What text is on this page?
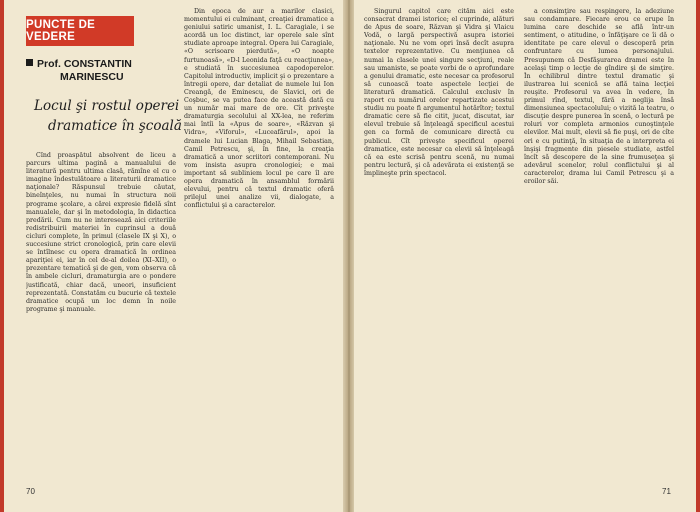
PUNCTE DE VEDERE
Prof. CONSTANTIN
MARINESCU
Locul şi rostul operei
dramatice în şcoală

Cînd proaspătul absolvent de liceu a parcurs ultima pagină a manualului de literatură pentru ultima clasă, rămîne el cu o imagine îndestulătoare a literaturii dramatice naţionale? Răspunsul trebuie căutat, bineînţeles, nu numai în structura noii programe şcolare, a cărei expresie fidelă sînt manualele, dar şi în metodologia, în didactica predării. Cum nu ne interesează aici criteriile redistribuirii materiei în cuprinsul a două cicluri complete, în primul (clasele IX şi X), o succesiune strict cronologică, prin care elevii se întîlnesc cu opera dramatică în ordinea apariţiei ei, iar în cel de-al doilea (XI–XII), o prezentare tematică şi de gen, vom observa că în ambele cicluri, dramaturgia are o pondere justificată, chiar dacă, uneori, insuficient reprezentată. Constatăm cu bucurie că textele dramatice ocupă un loc demn în noile programe şi manuale.

Din epoca de aur a marilor clasici, momentului ei culminant, creaţiei dramatice a geniului satiric umanist, I. L. Caragiale, i se acordă un loc distinct, iar operele sale sînt studiate aproape integral. Opera lui Caragiale, «O scrisoare pierdută», «O noapte furtunoasă», «D-l Leonida faţă cu reacţiunea», e studiată în succesiunea capodoperelor. Capitolul introductiv, implicit şi o prezentare a întregii opere, dar detaliat de numele lui Ion Creangă, de Eminescu, de Slavici, ori de Coşbuc, se va putea face de această dată cu un număr mai mare de ore. Cît priveşte dramaturgia secolului al XX-lea, ne referim mai întîi la «Apus de soare», «Răzvan şi Vidra», «Viforul», «Luceafărul», apoi la dramele lui Lucian Blaga, Mihail Sebastian, Camil Petrescu, şi, în fine, la creaţia dramatică a unor scriitori contemporani. Nu vom insista asupra cronologiei; e mai important să subliniem locul pe care îl are opera dramatică în ansamblul formării elevului, pentru că textul dramatic oferă prilejul unei analize vii, dialogate, a conflictului şi a caracterelor.

70

Singurul capitol care cităm aici este consacrat dramei istorice; el cuprinde, alături de Apus de soare, Răzvan şi Vidra şi Vlaicu Vodă, o largă perspectivă asupra istoriei naţionale. Nu ne vom opri însă decît asupra textelor reprezentative. Cu menţiunea că numai la clasele unei singure secţiuni, reale sau umaniste, se poate vorbi de o aprofundare a genului dramatic, este necesar ca profesorul să cunoască toate aspectele lecţiei de literatură dramatică. Calculul exclusiv în raport cu numărul orelor repartizate acestui studiu nu poate fi argumentul hotărîtor; textul dramatic cere să fie citit, jucat, discutat, iar elevul trebuie să înţeleagă specificul acestui gen ca formă de comunicare directă cu publicul. Cît priveşte specificul operei dramatice, este necesar ca elevii să înţeleagă că ea este scrisă pentru scenă, nu numai pentru lectură, şi că adevărata ei existenţă se împlineşte prin spectacol.

a consimţire sau respingere, la adeziune sau condamnare. Fiecare erou ce erupe în lumina care deschide se află într-un sentiment, o atitudine, o înfăţişare ce îi dă o identitate pe care elevul o descoperă prin confruntare cu lumea personajului. Presupunem că Desfăşurarea dramei este în acelaşi timp o lecţie de gîndire şi de simţire. În echilibrul dintre textul dramatic şi ilustrarea lui scenică se află taina lecţiei reuşite. Profesorul va avea în vedere, în primul rînd, textul, fără a neglija însă dimensiunea spectacolului; o vizită la teatru, o discuţie despre punerea în scenă, o lectură pe roluri vor completa armonios cunoştinţele elevilor. Mai mult, elevii să fie puşi, ori de cîte ori e cu putinţă, în situaţia de a interpreta ei înşişi fragmente din piesele studiate, astfel încît să descopere de la sine frumuseţea şi adevărul scenelor, rolul conflictului şi al caracterelor, drama lui Camil Petrescu şi a eroilor săi.

71
